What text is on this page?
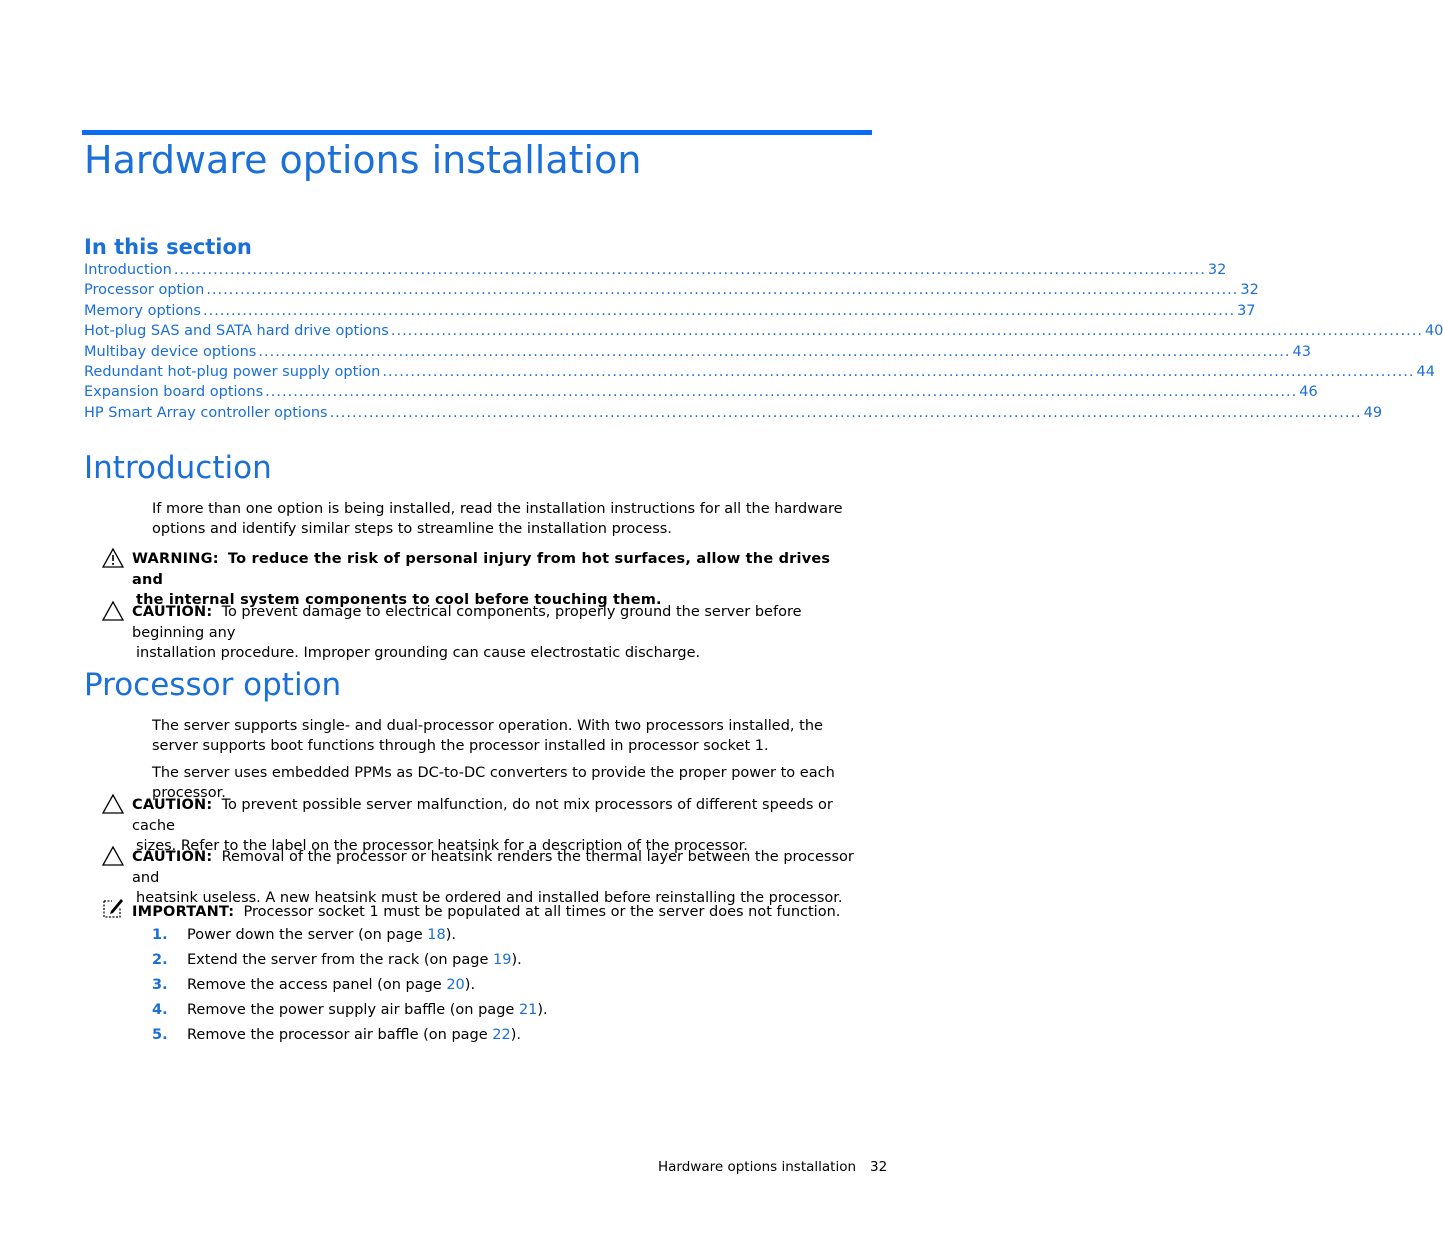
Hardware options installation
In this section
Introduction ........................................................................................................................................................................................ 32
Processor option ........................................................................................................................................................................................ 32
Memory options ........................................................................................................................................................................................ 37
Hot-plug SAS and SATA hard drive options ........................................................................................................................................................................................ 40
Multibay device options ........................................................................................................................................................................................ 43
Redundant hot-plug power supply option ........................................................................................................................................................................................ 44
Expansion board options ........................................................................................................................................................................................ 46
HP Smart Array controller options ........................................................................................................................................................................................ 49
Introduction

If more than one option is being installed, read the installation instructions for all the hardware options and identify similar steps to streamline the installation process.

WARNING: To reduce the risk of personal injury from hot surfaces, allow the drives and
the internal system components to cool before touching them.
CAUTION: To prevent damage to electrical components, properly ground the server before beginning any
installation procedure. Improper grounding can cause electrostatic discharge.
Processor option

The server supports single- and dual-processor operation. With two processors installed, the server supports boot functions through the processor installed in processor socket 1.

The server uses embedded PPMs as DC-to-DC converters to provide the proper power to each processor.

CAUTION: To prevent possible server malfunction, do not mix processors of different speeds or cache
sizes. Refer to the label on the processor heatsink for a description of the processor.
CAUTION: Removal of the processor or heatsink renders the thermal layer between the processor and
heatsink useless. A new heatsink must be ordered and installed before reinstalling the processor.
IMPORTANT: Processor socket 1 must be populated at all times or the server does not function.
1.	Power down the server (on page 18).
2.	Extend the server from the rack (on page 19).
3.	Remove the access panel (on page 20).
4.	Remove the power supply air baffle (on page 21).
5.	Remove the processor air baffle (on page 22).
Hardware options installation 32
